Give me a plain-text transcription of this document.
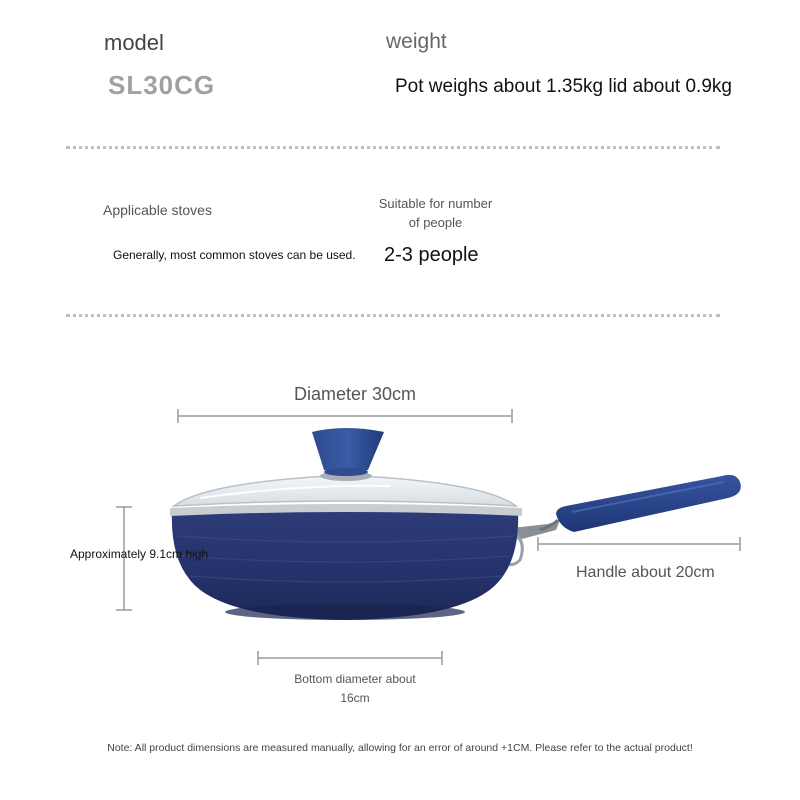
model
SL30CG
weight
Pot weighs about 1.35kg lid about 0.9kg
Applicable stoves
Generally, most common stoves can be used.
Suitable for number of people
2-3 people
Diameter 30cm
Approximately 9.1cm high
Handle about 20cm
Bottom diameter about 16cm
Note: All product dimensions are measured manually, allowing for an error of around +1CM. Please refer to the actual product!
